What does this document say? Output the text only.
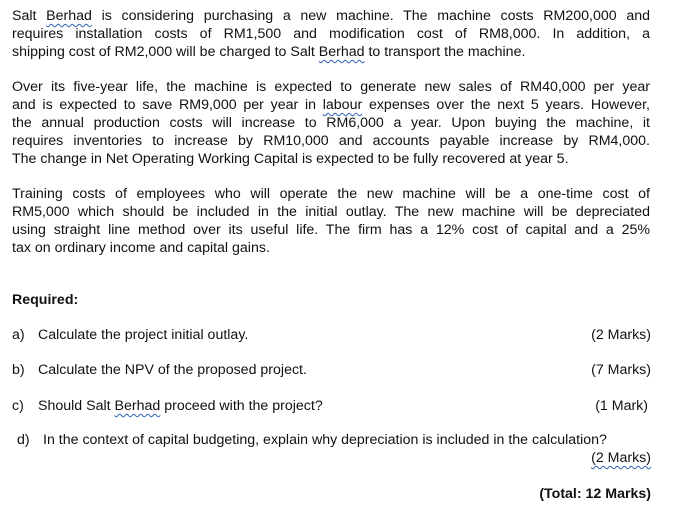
Salt Berhad is considering purchasing a new machine. The machine costs RM200,000 and
requires installation costs of RM1,500 and modification cost of RM8,000. In addition, a
shipping cost of RM2,000 will be charged to Salt Berhad to transport the machine.

Over its five-year life, the machine is expected to generate new sales of RM40,000 per year
and is expected to save RM9,000 per year in labour expenses over the next 5 years. However,
the annual production costs will increase to RM6,000 a year. Upon buying the machine, it
requires inventories to increase by RM10,000 and accounts payable increase by RM4,000.
The change in Net Operating Working Capital is expected to be fully recovered at year 5.

Training costs of employees who will operate the new machine will be a one-time cost of
RM5,000 which should be included in the initial outlay. The new machine will be depreciated
using straight line method over its useful life. The firm has a 12% cost of capital and a 25%
tax on ordinary income and capital gains.

Required:

a) Calculate the project initial outlay.	(2 Marks)
b) Calculate the NPV of the proposed project.	(7 Marks)
c) Should Salt Berhad proceed with the project?	(1 Mark)
d) In the context of capital budgeting, explain why depreciation is included in the calculation?
(2 Marks)
(Total: 12 Marks)
